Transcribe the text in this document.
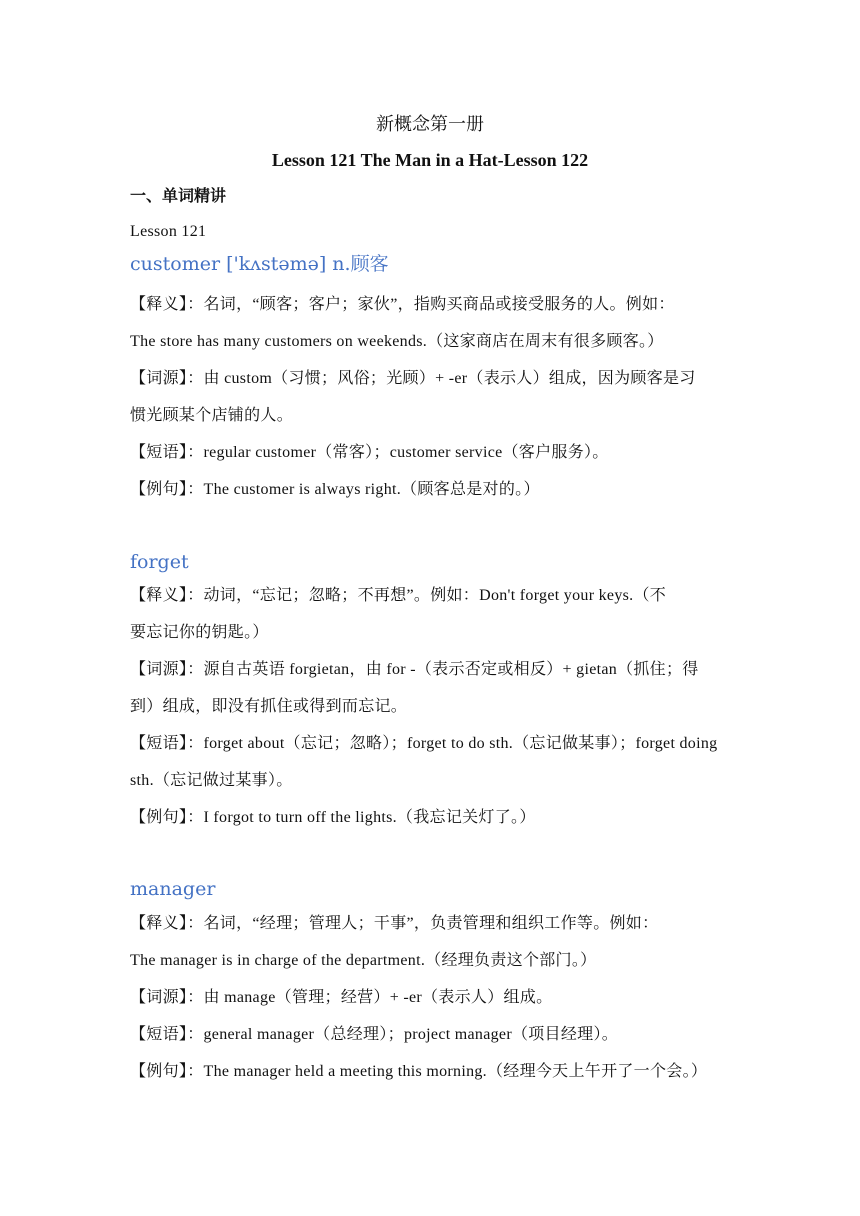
新概念第一册
Lesson 121 The Man in a Hat-Lesson 122
一、单词精讲
Lesson 121
customer ['kʌstəmə] n.顾客
【释义】：名词，“顾客；客户；家伙”，指购买商品或接受服务的人。例如：
The store has many customers on weekends.（这家商店在周末有很多顾客。）
【词源】：由 custom（习惯；风俗；光顾）+ -er（表示人）组成，因为顾客是习
惯光顾某个店铺的人。
【短语】：regular customer（常客）；customer service（客户服务）。
【例句】：The customer is always right.（顾客总是对的。）
forget
【释义】：动词，“忘记；忽略；不再想”。例如：Don't forget your keys.（不
要忘记你的钥匙。）
【词源】：源自古英语 forgietan，由 for -（表示否定或相反）+ gietan（抓住；得
到）组成，即没有抓住或得到而忘记。
【短语】：forget about（忘记；忽略）；forget to do sth.（忘记做某事）；forget doing
sth.（忘记做过某事）。
【例句】：I forgot to turn off the lights.（我忘记关灯了。）
manager
【释义】：名词，“经理；管理人；干事”，负责管理和组织工作等。例如：
The manager is in charge of the department.（经理负责这个部门。）
【词源】：由 manage（管理；经营）+ -er（表示人）组成。
【短语】：general manager（总经理）；project manager（项目经理）。
【例句】：The manager held a meeting this morning.（经理今天上午开了一个会。）
